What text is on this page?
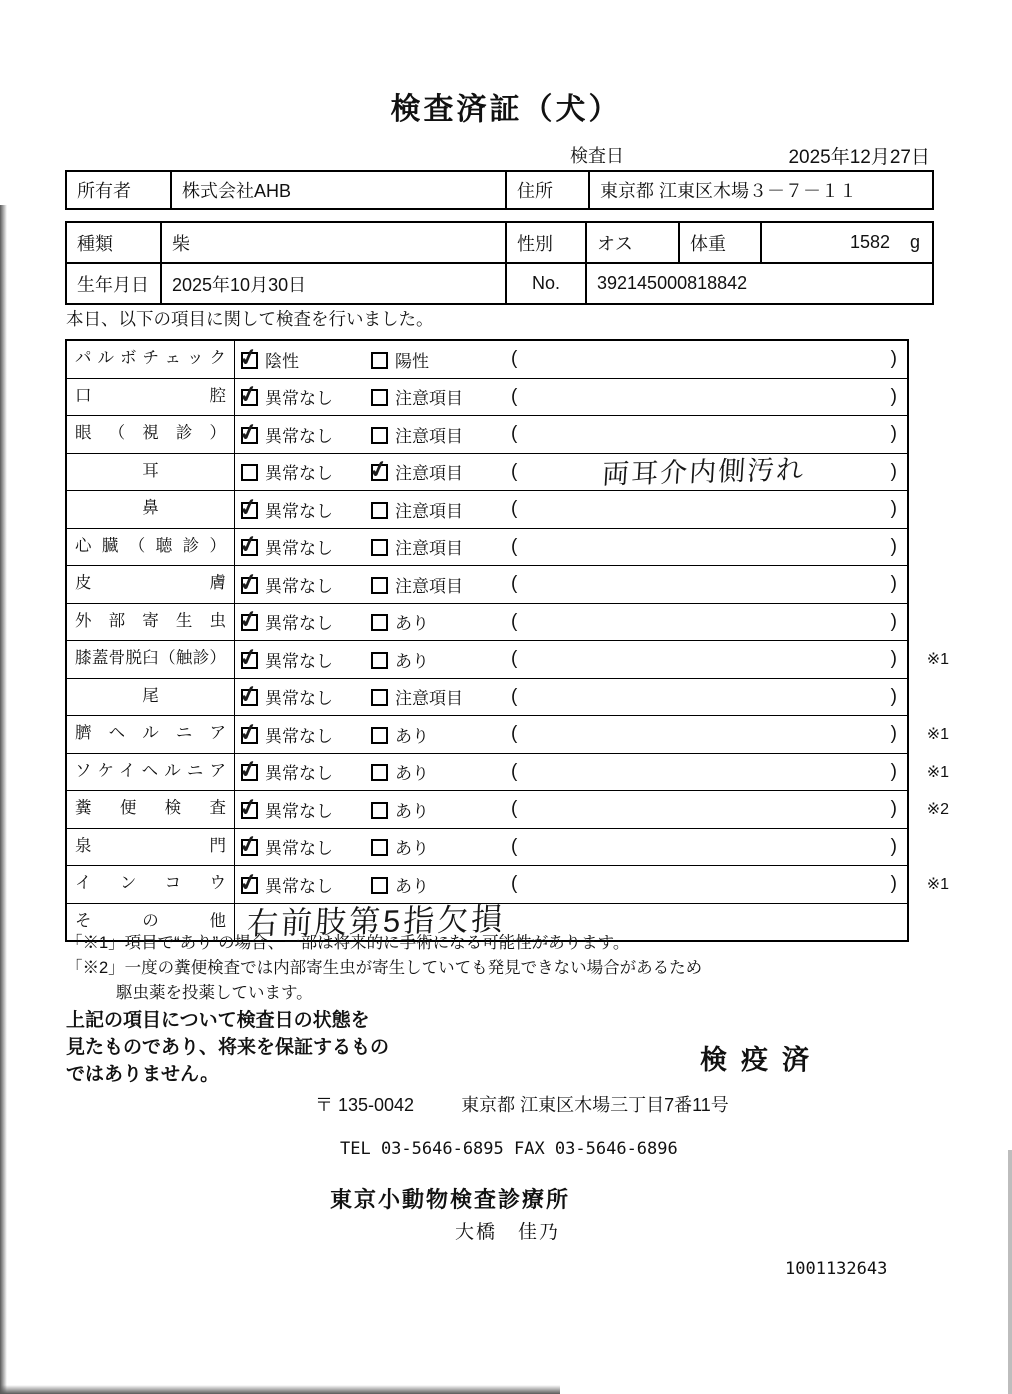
検査済証（犬）
検査日	2025年12月27日
所有者	株式会社AHB	住所	東京都 江東区木場３－７－１１
種類	柴	性別	オス	体重	1582 g
生年月日	2025年10月30日	No.	392145000818842
本日、以下の項目に関して検査を行いました。
パルボチェック ✓	陰性	陽性	(	)
口腔 ✓	異常なし	注意項目	(	)
眼（視診） ✓	異常なし	注意項目	(	)
耳	異常なし ✓	注意項目	(	両耳介内側汚れ	)
鼻 ✓	異常なし	注意項目	(	)
心臓（聴診） ✓	異常なし	注意項目	(	)
皮膚 ✓	異常なし	注意項目	(	)
外部寄生虫 ✓	異常なし	あり	(	)
膝蓋骨脱臼（触診） ✓	異常なし	あり	(	)	※1
尾 ✓	異常なし	注意項目	(	)
臍ヘルニア ✓	異常なし	あり	(	)	※1
ソケイヘルニア ✓	異常なし	あり	(	)	※1
糞便検査 ✓	異常なし	あり	(	)	※2
泉門 ✓	異常なし	あり	(	)
インコウ ✓	異常なし	あり	(	)	※1
その他 右前肢第5指欠損
「※1」項目で“あり”の場合、一部は将来的に手術になる可能性があります。
「※2」一度の糞便検査では内部寄生虫が寄生していても発見できない場合があるため
駆虫薬を投薬しています。
上記の項目について検査日の状態を
見たものであり、将来を保証するもの
ではありません。	検疫済
〒 135-0042	東京都 江東区木場三丁目7番11号
TEL 03-5646-6895 FAX 03-5646-6896
東京小動物検査診療所
大橋　佳乃
1001132643
